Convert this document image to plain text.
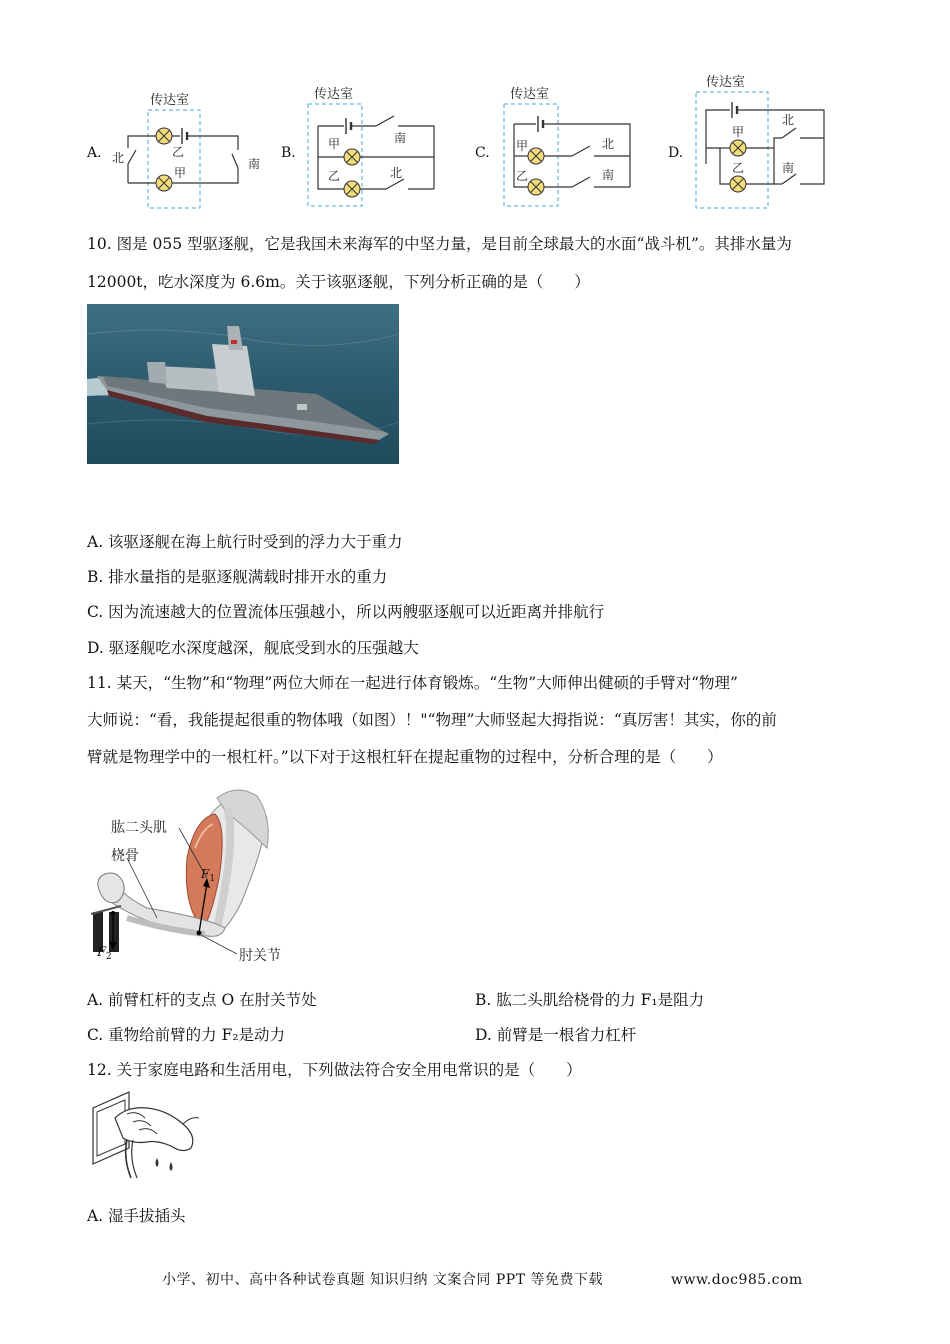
A.
传达室
北	南
乙
甲
B.
传达室
甲
乙
南
北
C.
传达室
甲
乙
北
南
D.
传达室
甲
乙
北
南
10. 图是 055 型驱逐舰，它是我国未来海军的中坚力量，是目前全球最大的水面“战斗机”。其排水量为
12000t，吃水深度为 6.6m。关于该驱逐舰，下列分析正确的是（　　）
A. 该驱逐舰在海上航行时受到的浮力大于重力
B. 排水量指的是驱逐舰满载时排开水的重力
C. 因为流速越大的位置流体压强越小，所以两艘驱逐舰可以近距离并排航行
D. 驱逐舰吃水深度越深，舰底受到水的压强越大
11. 某天，“生物”和“物理”两位大师在一起进行体育锻炼。“生物”大师伸出健硕的手臂对“物理”
大师说：“看，我能提起很重的物体哦（如图）！"“物理”大师竖起大拇指说：“真厉害！其实，你的前
臂就是物理学中的一根杠杆。”以下对于这根杠轩在提起重物的过程中，分析合理的是（　　）
肱二头肌
桡骨
肘关节
$F_1$
$F_2$
A. 前臂杠杆的支点 O 在肘关节处	B. 肱二头肌给桡骨的力 F₁是阻力
C. 重物给前臂的力 F₂是动力	D. 前臂是一根省力杠杆
12. 关于家庭电路和生活用电，下列做法符合安全用电常识的是（　　）
A. 湿手拔插头
小学、初中、高中各种试卷真题 知识归纳 文案合同 PPT 等免费下载	www.doc985.com
